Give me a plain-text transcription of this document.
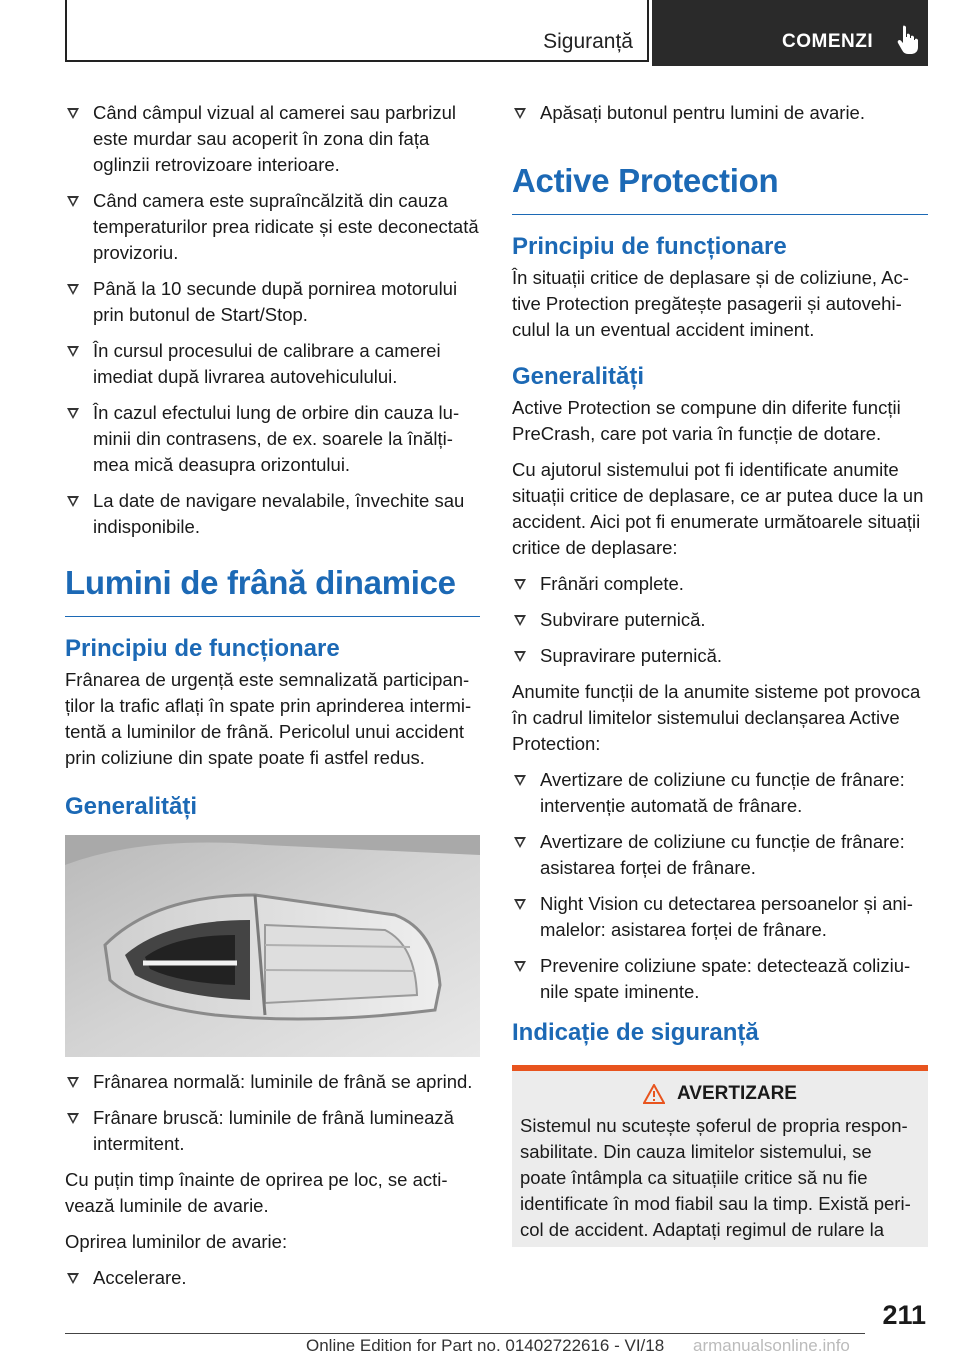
Siguranță	COMENZI
Când câmpul vizual al camerei sau parbrizul este murdar sau acoperit în zona din fața oglinzii retrovizoare interioare.
Când camera este supraîncălzită din cauza temperaturilor prea ridicate și este deconectată provizoriu.
Până la 10 secunde după pornirea motorului prin butonul de Start/Stop.
În cursul procesului de calibrare a camerei imediat după livrarea autovehiculului.
În cazul efectului lung de orbire din cauza luminii din contrasens, de ex. soarele la înălțimea mică deasupra orizontului.
La date de navigare nevalabile, învechite sau indisponibile.
Lumini de frână dinamice
Principiu de funcționare

Frânarea de urgență este semnalizată participanților la trafic aflați în spate prin aprinderea intermitentă a luminilor de frână. Pericolul unui accident prin coliziune din spate poate fi astfel redus.

Generalități
Frânarea normală: luminile de frână se aprind.
Frânare bruscă: luminile de frână luminează intermitent.

Cu puțin timp înainte de oprirea pe loc, se activează luminile de avarie.

Oprirea luminilor de avarie:

Accelerare.
Apăsați butonul pentru lumini de avarie.
Active Protection
Principiu de funcționare

În situații critice de deplasare și de coliziune, Active Protection pregătește pasagerii și autovehiculul la un eventual accident iminent.

Generalități

Active Protection se compune din diferite funcții PreCrash, care pot varia în funcție de dotare.

Cu ajutorul sistemului pot fi identificate anumite situații critice de deplasare, ce ar putea duce la un accident. Aici pot fi enumerate următoarele situații critice de deplasare:

Frânări complete.
Subvirare puternică.
Supravirare puternică.

Anumite funcții de la anumite sisteme pot provoca în cadrul limitelor sistemului declanșarea Active Protection:

Avertizare de coliziune cu funcție de frânare: intervenție automată de frânare.
Avertizare de coliziune cu funcție de frânare: asistarea forței de frânare.
Night Vision cu detectarea persoanelor și animalelor: asistarea forței de frânare.
Prevenire coliziune spate: detectează coliziunile spate iminente.
Indicație de siguranță
AVERTIZARE

Sistemul nu scutește șoferul de propria responsabilitate. Din cauza limitelor sistemului, se poate întâmpla ca situațiile critice să nu fie identificate în mod fiabil sau la timp. Există pericol de accident. Adaptați regimul de rulare la

211
Online Edition for Part no. 01402722616 - VI/18 armanualsonline.info
